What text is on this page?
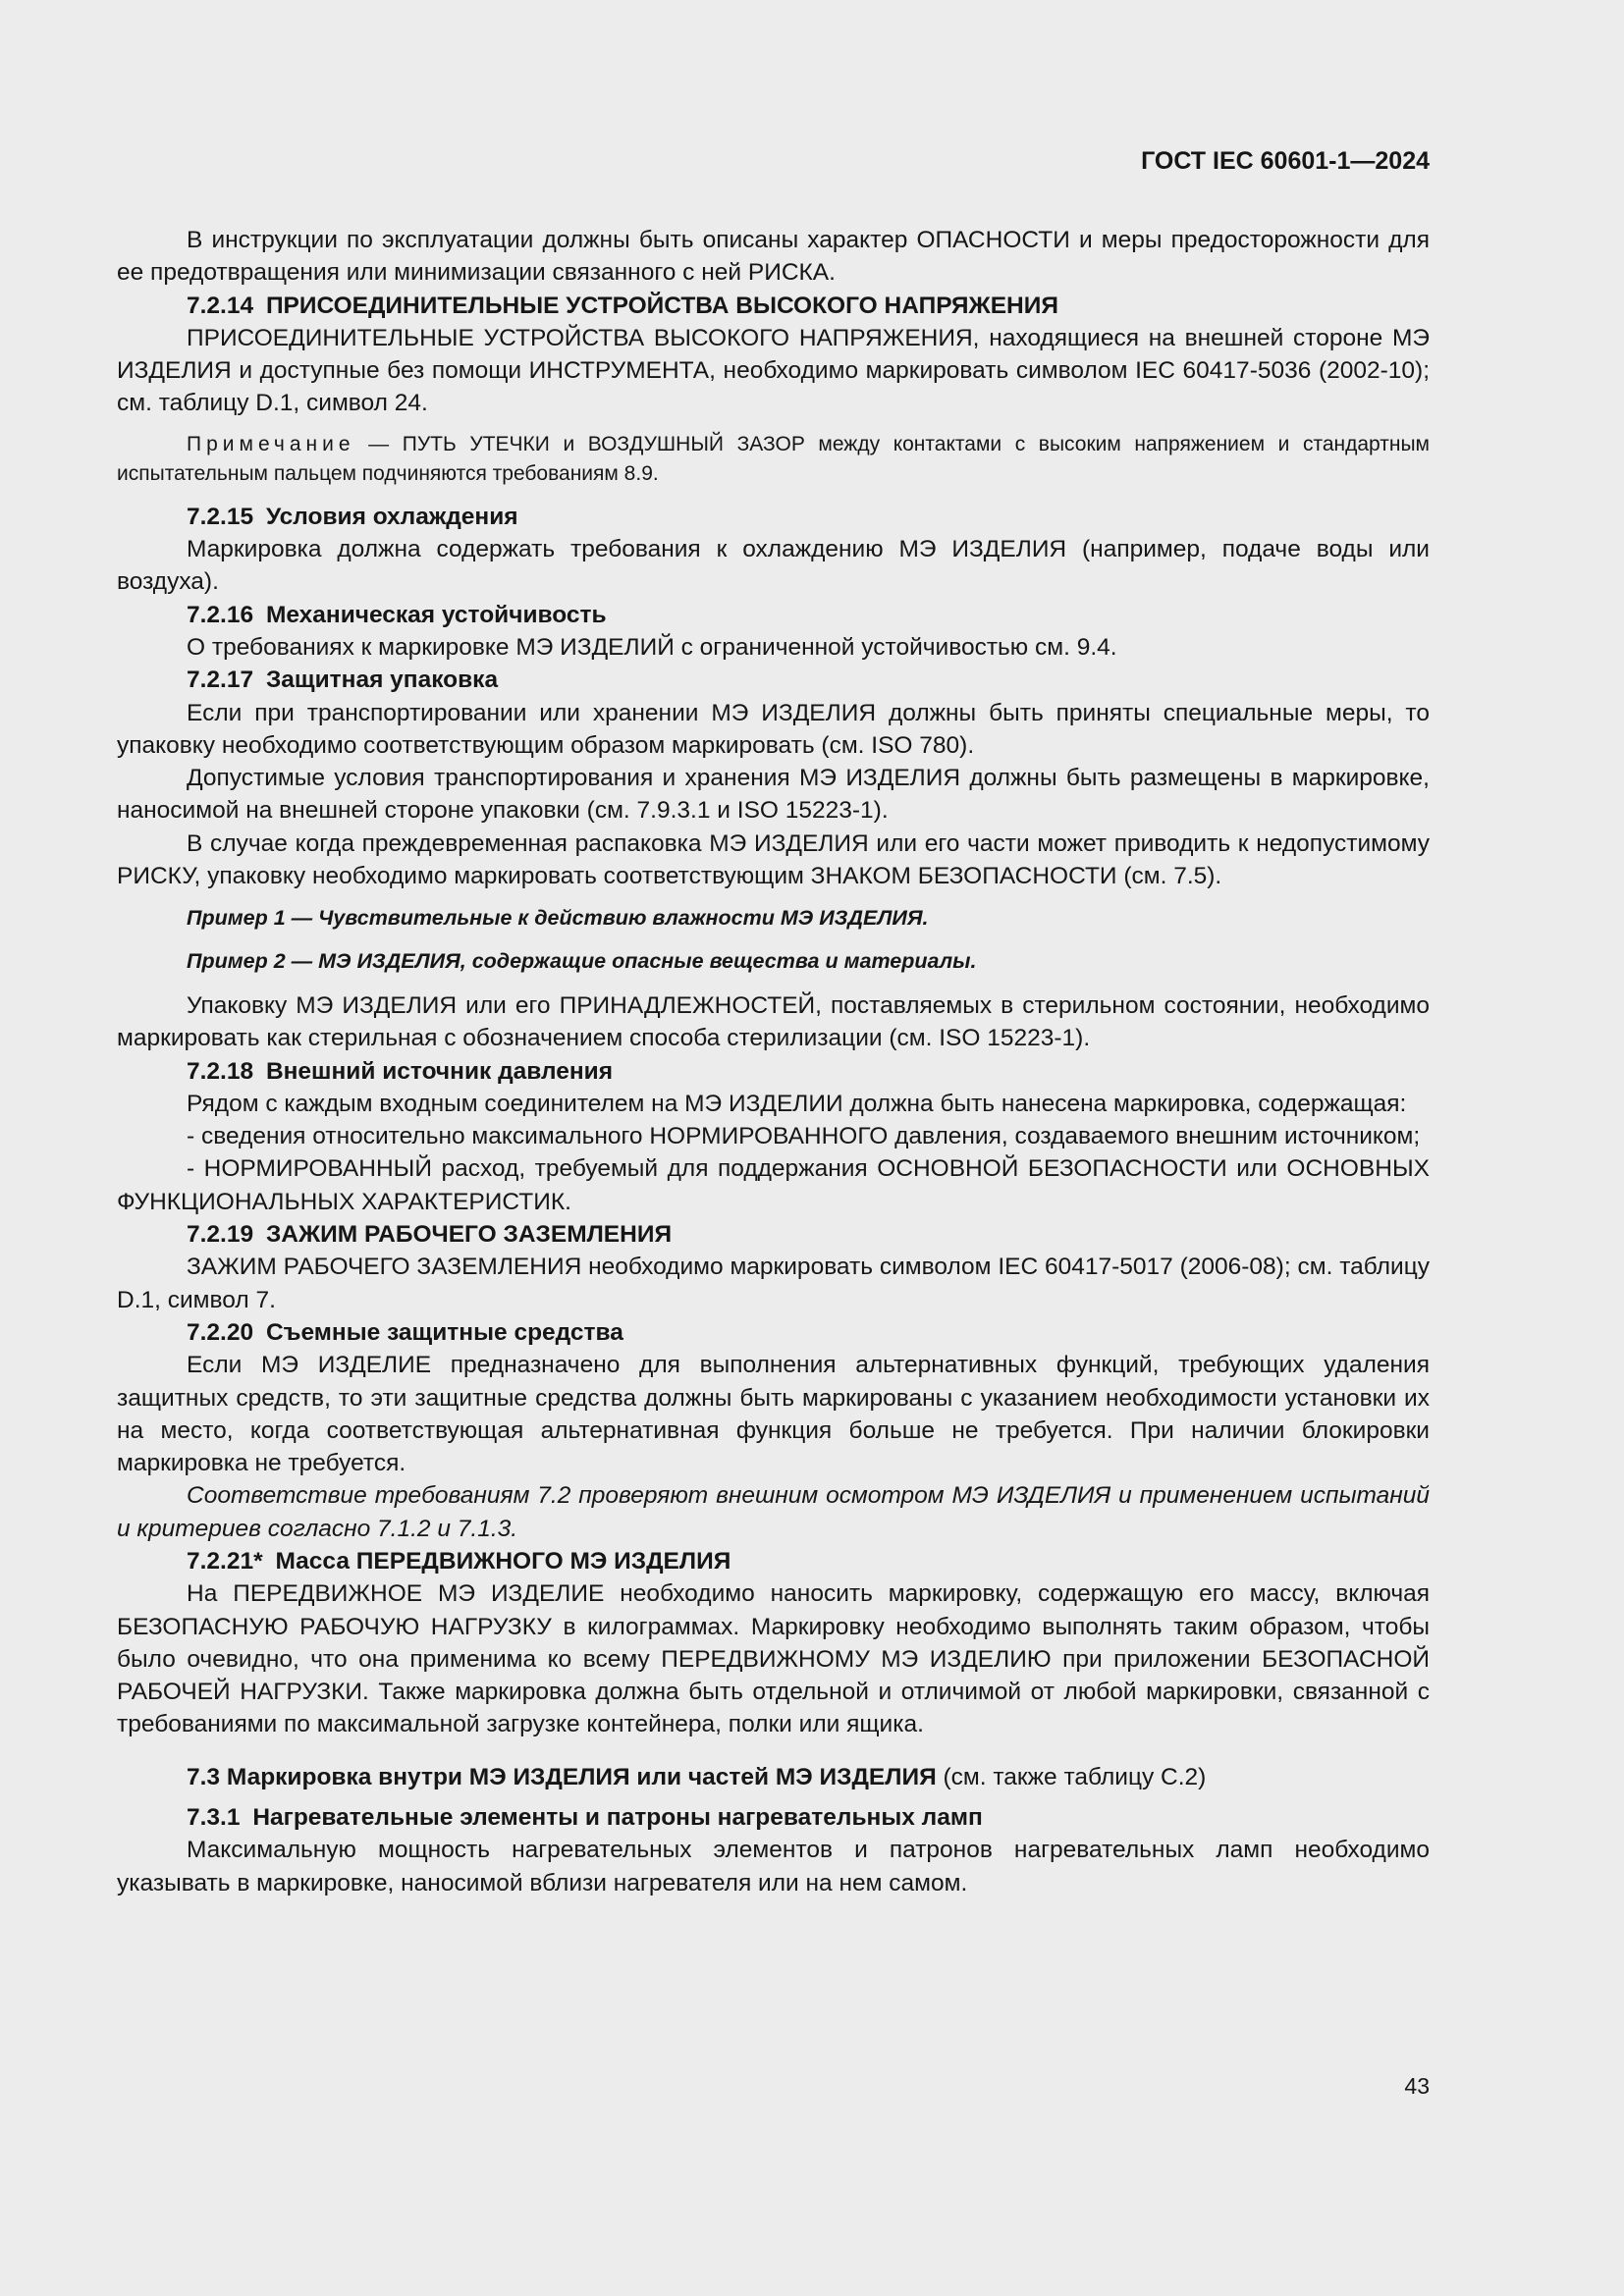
ГОСТ IEC 60601-1—2024

В инструкции по эксплуатации должны быть описаны характер ОПАСНОСТИ и меры предосторожности для ее предотвращения или минимизации связанного с ней РИСКА.

7.2.14 ПРИСОЕДИНИТЕЛЬНЫЕ УСТРОЙСТВА ВЫСОКОГО НАПРЯЖЕНИЯ

ПРИСОЕДИНИТЕЛЬНЫЕ УСТРОЙСТВА ВЫСОКОГО НАПРЯЖЕНИЯ, находящиеся на внешней стороне МЭ ИЗДЕЛИЯ и доступные без помощи ИНСТРУМЕНТА, необходимо маркировать символом IEC 60417-5036 (2002-10); см. таблицу D.1, символ 24.

Примечание — ПУТЬ УТЕЧКИ и ВОЗДУШНЫЙ ЗАЗОР между контактами с высоким напряжением и стандартным испытательным пальцем подчиняются требованиям 8.9.

7.2.15 Условия охлаждения

Маркировка должна содержать требования к охлаждению МЭ ИЗДЕЛИЯ (например, подаче воды или воздуха).

7.2.16 Механическая устойчивость

О требованиях к маркировке МЭ ИЗДЕЛИЙ с ограниченной устойчивостью см. 9.4.

7.2.17 Защитная упаковка

Если при транспортировании или хранении МЭ ИЗДЕЛИЯ должны быть приняты специальные меры, то упаковку необходимо соответствующим образом маркировать (см. ISO 780).

Допустимые условия транспортирования и хранения МЭ ИЗДЕЛИЯ должны быть размещены в маркировке, наносимой на внешней стороне упаковки (см. 7.9.3.1 и ISO 15223-1).

В случае когда преждевременная распаковка МЭ ИЗДЕЛИЯ или его части может приводить к недопустимому РИСКУ, упаковку необходимо маркировать соответствующим ЗНАКОМ БЕЗОПАСНОСТИ (см. 7.5).

Пример 1 — Чувствительные к действию влажности МЭ ИЗДЕЛИЯ.

Пример 2 — МЭ ИЗДЕЛИЯ, содержащие опасные вещества и материалы.

Упаковку МЭ ИЗДЕЛИЯ или его ПРИНАДЛЕЖНОСТЕЙ, поставляемых в стерильном состоянии, необходимо маркировать как стерильная с обозначением способа стерилизации (см. ISO 15223-1).

7.2.18 Внешний источник давления

Рядом с каждым входным соединителем на МЭ ИЗДЕЛИИ должна быть нанесена маркировка, содержащая:

- сведения относительно максимального НОРМИРОВАННОГО давления, создаваемого внешним источником;

- НОРМИРОВАННЫЙ расход, требуемый для поддержания ОСНОВНОЙ БЕЗОПАСНОСТИ или ОСНОВНЫХ ФУНКЦИОНАЛЬНЫХ ХАРАКТЕРИСТИК.

7.2.19 ЗАЖИМ РАБОЧЕГО ЗАЗЕМЛЕНИЯ

ЗАЖИМ РАБОЧЕГО ЗАЗЕМЛЕНИЯ необходимо маркировать символом IEC 60417-5017 (2006-08); см. таблицу D.1, символ 7.

7.2.20 Съемные защитные средства

Если МЭ ИЗДЕЛИЕ предназначено для выполнения альтернативных функций, требующих удаления защитных средств, то эти защитные средства должны быть маркированы с указанием необходимости установки их на место, когда соответствующая альтернативная функция больше не требуется. При наличии блокировки маркировка не требуется.

Соответствие требованиям 7.2 проверяют внешним осмотром МЭ ИЗДЕЛИЯ и применением испытаний и критериев согласно 7.1.2 и 7.1.3.

7.2.21* Масса ПЕРЕДВИЖНОГО МЭ ИЗДЕЛИЯ

На ПЕРЕДВИЖНОЕ МЭ ИЗДЕЛИЕ необходимо наносить маркировку, содержащую его массу, включая БЕЗОПАСНУЮ РАБОЧУЮ НАГРУЗКУ в килограммах. Маркировку необходимо выполнять таким образом, чтобы было очевидно, что она применима ко всему ПЕРЕДВИЖНОМУ МЭ ИЗДЕЛИЮ при приложении БЕЗОПАСНОЙ РАБОЧЕЙ НАГРУЗКИ. Также маркировка должна быть отдельной и отличимой от любой маркировки, связанной с требованиями по максимальной загрузке контейнера, полки или ящика.

7.3 Маркировка внутри МЭ ИЗДЕЛИЯ или частей МЭ ИЗДЕЛИЯ (см. также таблицу С.2)

7.3.1 Нагревательные элементы и патроны нагревательных ламп

Максимальную мощность нагревательных элементов и патронов нагревательных ламп необходимо указывать в маркировке, наносимой вблизи нагревателя или на нем самом.

43
